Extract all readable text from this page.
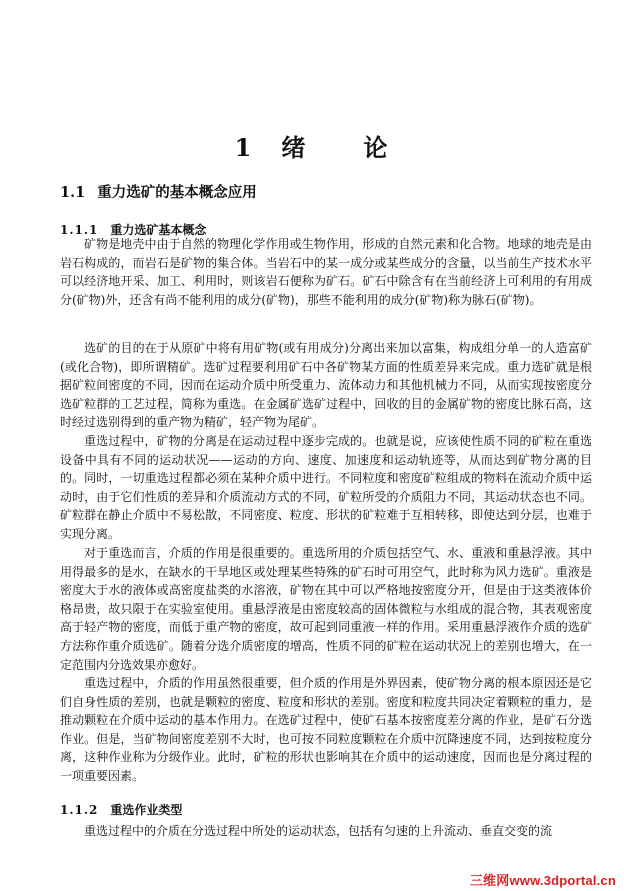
1 绪 论
1.1 重力选矿的基本概念应用
1.1.1 重力选矿基本概念

矿物是地壳中由于自然的物理化学作用或生物作用，形成的自然元素和化合物。地球的地壳是由岩石构成的，而岩石是矿物的集合体。当岩石中的某一成分或某些成分的含量，以当前生产技术水平可以经济地开采、加工、利用时，则该岩石便称为矿石。矿石中除含有在当前经济上可利用的有用成分(矿物)外，还含有尚不能利用的成分(矿物)，那些不能利用的成分(矿物)称为脉石(矿物)。

选矿的目的在于从原矿中将有用矿物(或有用成分)分离出来加以富集，构成组分单一的人造富矿(或化合物)，即所谓精矿。选矿过程要利用矿石中各矿物某方面的性质差异来完成。重力选矿就是根据矿粒间密度的不同，因而在运动介质中所受重力、流体动力和其他机械力不同，从而实现按密度分选矿粒群的工艺过程，简称为重选。在金属矿选矿过程中，回收的目的金属矿物的密度比脉石高，这时经过选别得到的重产物为精矿，轻产物为尾矿。

重选过程中，矿物的分离是在运动过程中逐步完成的。也就是说，应该使性质不同的矿粒在重选设备中具有不同的运动状况——运动的方向、速度、加速度和运动轨迹等，从而达到矿物分离的目的。同时，一切重选过程都必须在某种介质中进行。不同粒度和密度矿粒组成的物料在流动介质中运动时，由于它们性质的差异和介质流动方式的不同，矿粒所受的介质阻力不同，其运动状态也不同。矿粒群在静止介质中不易松散，不同密度、粒度、形状的矿粒难于互相转移，即使达到分层，也难于实现分离。

对于重选而言，介质的作用是很重要的。重选所用的介质包括空气、水、重液和重悬浮液。其中用得最多的是水，在缺水的干旱地区或处理某些特殊的矿石时可用空气，此时称为风力选矿。重液是密度大于水的液体或高密度盐类的水溶液，矿物在其中可以严格地按密度分开，但是由于这类液体价格昂贵，故只限于在实验室使用。重悬浮液是由密度较高的固体微粒与水组成的混合物，其表观密度高于轻产物的密度，而低于重产物的密度，故可起到同重液一样的作用。采用重悬浮液作介质的选矿方法称作重介质选矿。随着分选介质密度的增高，性质不同的矿粒在运动状况上的差别也增大，在一定范围内分选效果亦愈好。

重选过程中，介质的作用虽然很重要，但介质的作用是外界因素，使矿物分离的根本原因还是它们自身性质的差别，也就是颗粒的密度、粒度和形状的差别。密度和粒度共同决定着颗粒的重力，是推动颗粒在介质中运动的基本作用力。在选矿过程中，使矿石基本按密度差分离的作业，是矿石分选作业。但是，当矿物间密度差别不大时，也可按不同粒度颗粒在介质中沉降速度不同，达到按粒度分离，这种作业称为分级作业。此时，矿粒的形状也影响其在介质中的运动速度，因而也是分离过程的一项重要因素。

1.1.2 重选作业类型

重选过程中的介质在分选过程中所处的运动状态，包括有匀速的上升流动、垂直交变的流

三维网www.3dportal.cn
